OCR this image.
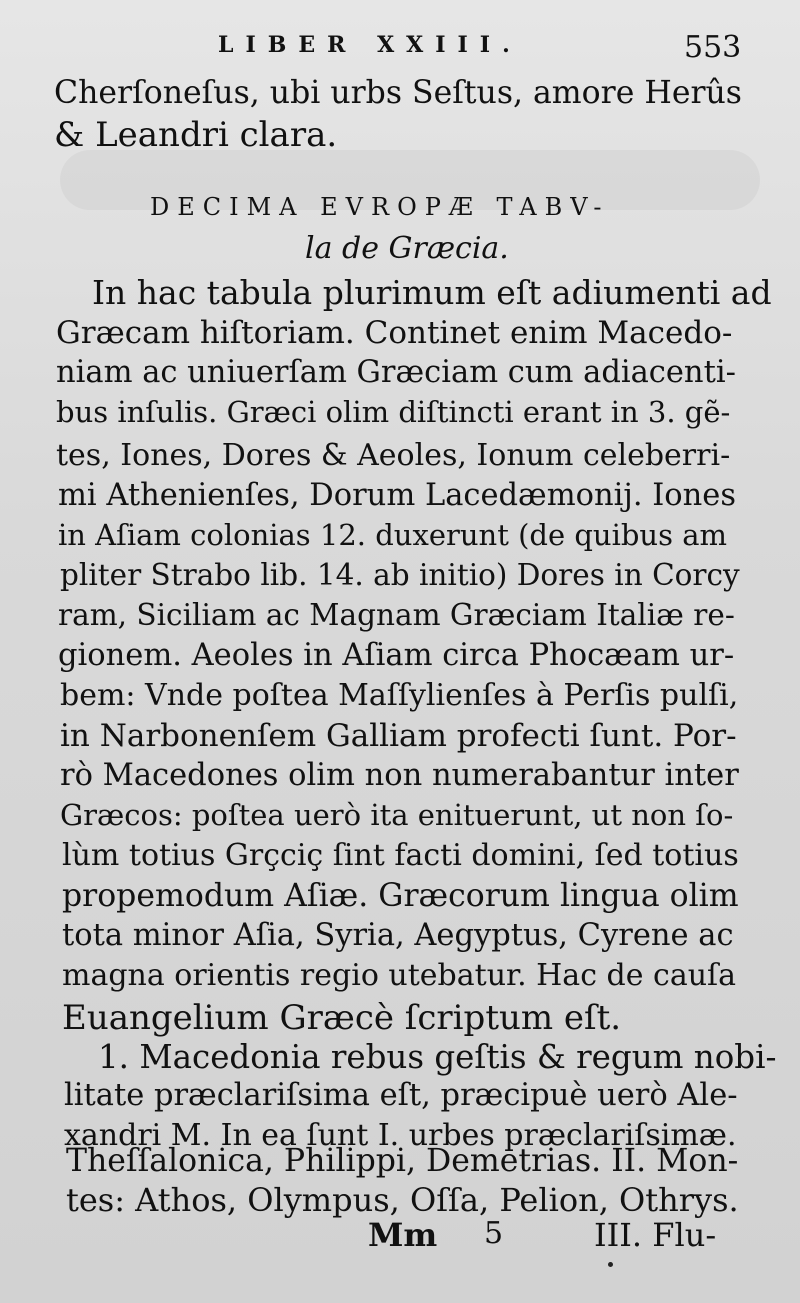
LIBER XXIII.	553
Cherſoneſus, ubi urbs Seſtus, amore Herûs
& Leandri clara.
DECIMA EVROPÆ TABV-
la de Græcia.
In hac tabula plurimum eſt adiumenti ad
Græcam hiſtoriam. Continet enim Macedo-
niam ac uniuerſam Græciam cum adiacenti-
bus inſulis. Græci olim diſtincti erant in 3. gẽ-
tes, Iones, Dores & Aeoles, Ionum celeberri-
mi Athenienſes, Dorum Lacedæmonij. Iones
in Aſiam colonias 12. duxerunt (de quibus am
pliter Strabo lib. 14. ab initio) Dores in Corcy
ram, Siciliam ac Magnam Græciam Italiæ re-
gionem. Aeoles in Aſiam circa Phocæam ur-
bem: Vnde poſtea Maſſylienſes à Perſis pulſi,
in Narbonenſem Galliam profecti ſunt. Por-
rò Macedones olim non numerabantur inter
Græcos: poſtea uerò ita enituerunt, ut non ſo-
lùm totius Grçciç ſint facti domini, ſed totius
propemodum Aſiæ. Græcorum lingua olim
tota minor Aſia, Syria, Aegyptus, Cyrene ac
magna orientis regio utebatur. Hac de cauſa
Euangelium Græcè ſcriptum eſt.
1. Macedonia rebus geſtis & regum nobi-
litate præclariſsima eſt, præcipuè uerò Ale-
xandri M. In ea ſunt I. urbes præclariſsimæ.
Theſſalonica, Philippi, Demetrias. II. Mon-
tes: Athos, Olympus, Oſſa, Pelion, Othrys.
Mm 5	III. Flu-
